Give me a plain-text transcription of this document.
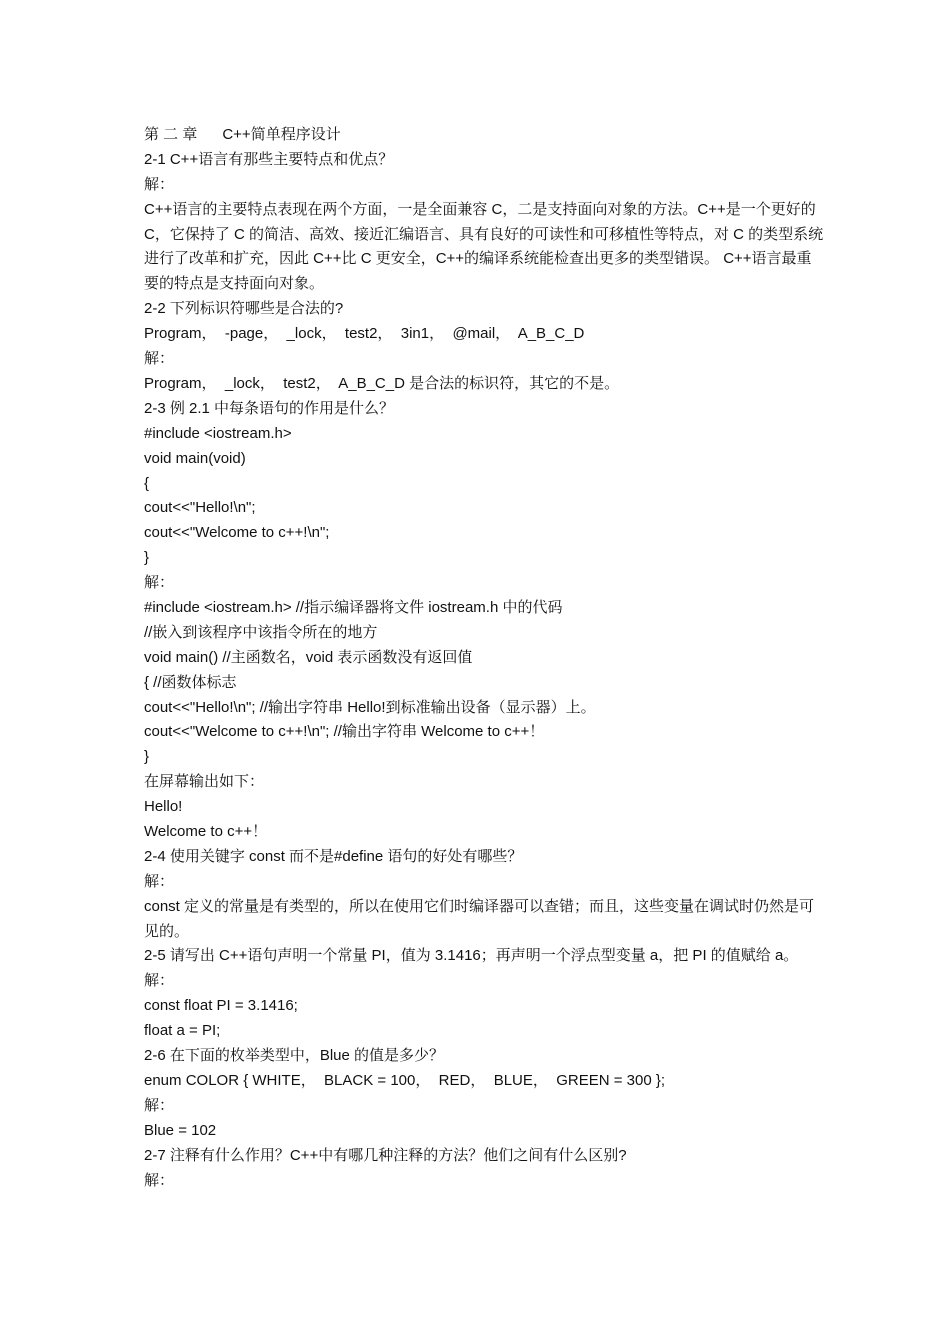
第 二 章      C++简单程序设计
2-1 C++语言有那些主要特点和优点？
解：
C++语言的主要特点表现在两个方面，一是全面兼容 C，二是支持面向对象的方法。C++是一个更好的 C，它保持了 C 的简洁、高效、接近汇编语言、具有良好的可读性和可移植性等特点，对 C 的类型系统进行了改革和扩充，因此 C++比 C 更安全，C++的编译系统能检查出更多的类型错误。 C++语言最重要的特点是支持面向对象。
2-2 下列标识符哪些是合法的?
Program，  -page，  _lock，  test2，  3in1，  @mail，  A_B_C_D
解：
Program，  _lock，  test2，  A_B_C_D 是合法的标识符，其它的不是。
2-3 例 2.1 中每条语句的作用是什么？
#include <iostream.h>
void main(void)
{
cout<<"Hello!\n";
cout<<"Welcome to c++!\n";
}
解：
#include <iostream.h> //指示编译器将文件 iostream.h 中的代码
//嵌入到该程序中该指令所在的地方
void main() //主函数名，void 表示函数没有返回值
{ //函数体标志
cout<<"Hello!\n"; //输出字符串 Hello!到标准输出设备（显示器）上。
cout<<"Welcome to c++!\n"; //输出字符串 Welcome to c++！
}
在屏幕输出如下：
Hello!
Welcome to c++！
2-4 使用关键字 const 而不是#define 语句的好处有哪些？
解：
const 定义的常量是有类型的，所以在使用它们时编译器可以查错；而且，这些变量在调试时仍然是可见的。
2-5 请写出 C++语句声明一个常量 PI，值为 3.1416；再声明一个浮点型变量 a，把 PI 的值赋给 a。
解：
const float PI = 3.1416;
float a = PI;
2-6 在下面的枚举类型中，Blue 的值是多少？
enum COLOR { WHITE，  BLACK = 100，  RED，  BLUE，  GREEN = 300 };
解：
Blue = 102
2-7 注释有什么作用？C++中有哪几种注释的方法？他们之间有什么区别?
解：
